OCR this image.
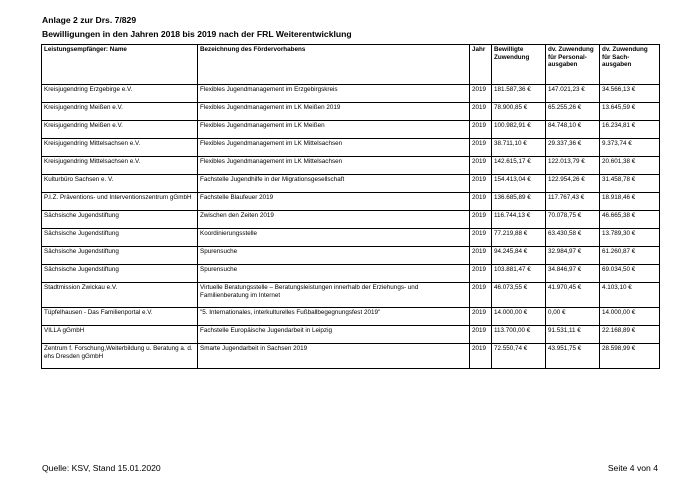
Anlage 2 zur Drs. 7/829
Bewilligungen in den Jahren 2018 bis 2019 nach der FRL Weiterentwicklung
Leistungsempfänger: Name	Bezeichnung des Fördervorhabens	Jahr	Bewilligte Zuwendung	dv. Zuwendung für Personal-ausgaben	dv. Zuwendung für Sach-ausgaben
Kreisjugendring Erzgebirge e.V.	Flexibles Jugendmanagement im Erzgebirgskreis	2019	181.587,36 €	147.021,23 €	34.566,13 €
Kreisjugendring Meißen e.V.	Flexibles Jugendmanagement im LK Meißen 2019	2019	78.900,85 €	65.255,26 €	13.645,59 €
Kreisjugendring Meißen e.V.	Flexibles Jugendmanagement im LK Meißen	2019	100.982,91 €	84.748,10 €	16.234,81 €
Kreisjugendring Mittelsachsen e.V.	Flexibles Jugendmanagement im LK Mittelsachsen	2019	38.711,10 €	29.337,36 €	9.373,74 €
Kreisjugendring Mittelsachsen e.V.	Flexibles Jugendmanagement im LK Mittelsachsen	2019	142.615,17 €	122.013,79 €	20.601,38 €
Kulturbüro Sachsen e. V.	Fachstelle Jugendhilfe in der Migrationsgesellschaft	2019	154.413,04 €	122.954,26 €	31.458,78 €
P.I.Z. Präventions- und Interventionszentrum gGmbH	Fachstelle Blaufeuer 2019	2019	136.685,89 €	117.767,43 €	18.918,46 €
Sächsische Jugendstiftung	Zwischen den Zeiten 2019	2019	116.744,13 €	70.078,75 €	46.665,38 €
Sächsische Jugendstiftung	Koordinierungsstelle	2019	77.219,88 €	63.430,58 €	13.789,30 €
Sächsische Jugendstiftung	Spurensuche	2019	94.245,84 €	32.984,97 €	61.260,87 €
Sächsische Jugendstiftung	Spurensuche	2019	103.881,47 €	34.846,97 €	69.034,50 €
Stadtmission Zwickau e.V.	Virtuelle Beratungsstelle – Beratungsleistungen innerhalb der Erziehungs- und Familienberatung im Internet	2019	46.073,55 €	41.970,45 €	4.103,10 €
Tüpfelhausen - Das Familienportal e.V.	"5. Internationales, interkulturelles Fußballbegegnungsfest 2019"	2019	14.000,00 €	0,00 €	14.000,00 €
VILLA gGmbH	Fachstelle Europäische Jugendarbeit in Leipzig	2019	113.700,00 €	91.531,11 €	22.168,89 €
Zentrum f. Forschung,Weiterbildung u. Beratung a. d. ehs Dresden gGmbH	Smarte Jugendarbeit in Sachsen 2019	2019	72.550,74 €	43.951,75 €	28.598,99 €
Quelle: KSV, Stand 15.01.2020	Seite 4 von 4
